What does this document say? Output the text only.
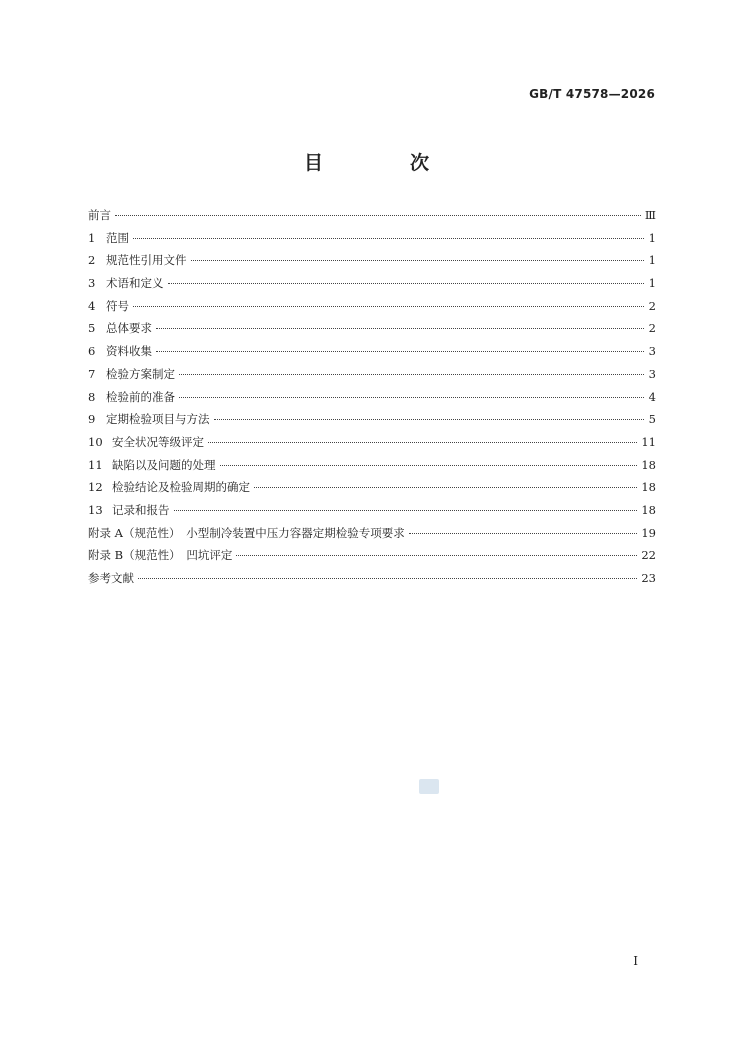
GB/T 47578—2026
目　次
前言	Ⅲ
1 范围	1
2 规范性引用文件	1
3 术语和定义	1
4 符号	2
5 总体要求	2
6 资料收集	3
7 检验方案制定	3
8 检验前的准备	4
9 定期检验项目与方法	5
10 安全状况等级评定	11
11 缺陷以及问题的处理	18
12 检验结论及检验周期的确定	18
13 记录和报告	18
附录 A（规范性）　小型制冷装置中压力容器定期检验专项要求	19
附录 B（规范性）　凹坑评定	22
参考文献	23
I
